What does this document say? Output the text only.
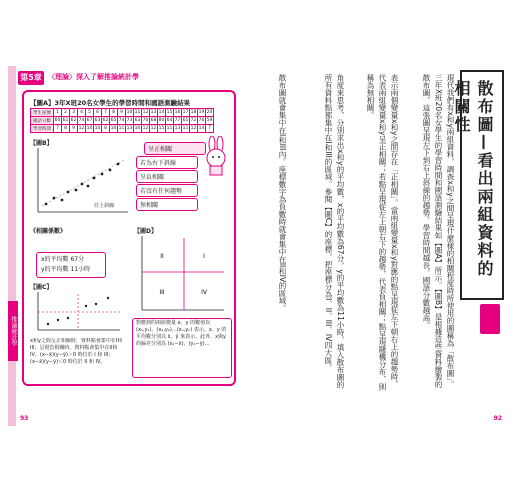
第5章 〈理論〉深入了解推論統計學
推論統計學
【圖A】3年X班20名女學生的學習時間和國語測驗結果
學生座號	1	2	3	4	5	6	7	8	9	10	11	12	13	14	15	16	17	18	19	20
國語分數	60	61	62	74	67	63	62	65	74	73	63	70	68	80	64	77	65	72	76	59
學習時間	7	8	9	12	10	10	8	10	11	13	10	12	12	15	11	13	11	12	14	7
【圖B】
往上斜線
呈正相關
若為右下斜線
呈負相關
若沒有任何趨勢
無相關
《相關係數》
x的平均數 67分
y的平均數 11小時
【圖C】
【圖D】
II	I
III	IV
對應到的兩組變量 x、y 的數值以 (x₁,y₁)、(x₂,y₂)…(xₙ,yₙ) 表示。x、y 的平均數分別以 x̄、ȳ 來表示。此外，x與y的偏差分別為 (x₁−x̄)、(y₁−ȳ)…
x和y之間呈正相關時，資料點會集中在I和III；呈現負相關時，資料點會集中在II和IV。(x−x̄)(y−ȳ)＞0 時位於 I 和 III；(x−x̄)(y−ȳ)＜0 時位於 II 和 IV。
93
散布圖—看出兩組資料的相關性
現代我們有x和y兩組資料，調查x和y之間呈現什麼樣的相關程度時所使用的圖稱為「散布圖」。三年X班20名女學生的學習時間和國語測驗結果如【圖A】所示。【圖B】是根據這些資料繪製的散布圖，這張圖呈現左下到右上斜線的趨勢。學習時間越長，國語分數越高。
表示兩個變量x和y之間存在「正相關」。當兩組變量x和y對應的點呈現從左下朝右上的趨勢時，代表兩組變量x和y呈正相關；若點呈現從左上朝右下的趨勢，代表負相關；點呈現隨機分布，則稱為無相關。
角度來思考，分別求出x和y的平均數，x的平均數為67分，y的平均數為11小時，填入散布圖的所有資料點都集中在I和III的區域。參閱【圖C】的座標，把座標分為I、II、III、IV四大區。
散布圖就會集中在I和III內。座標數字為負數時就會集中在II和IV的區域。
92
